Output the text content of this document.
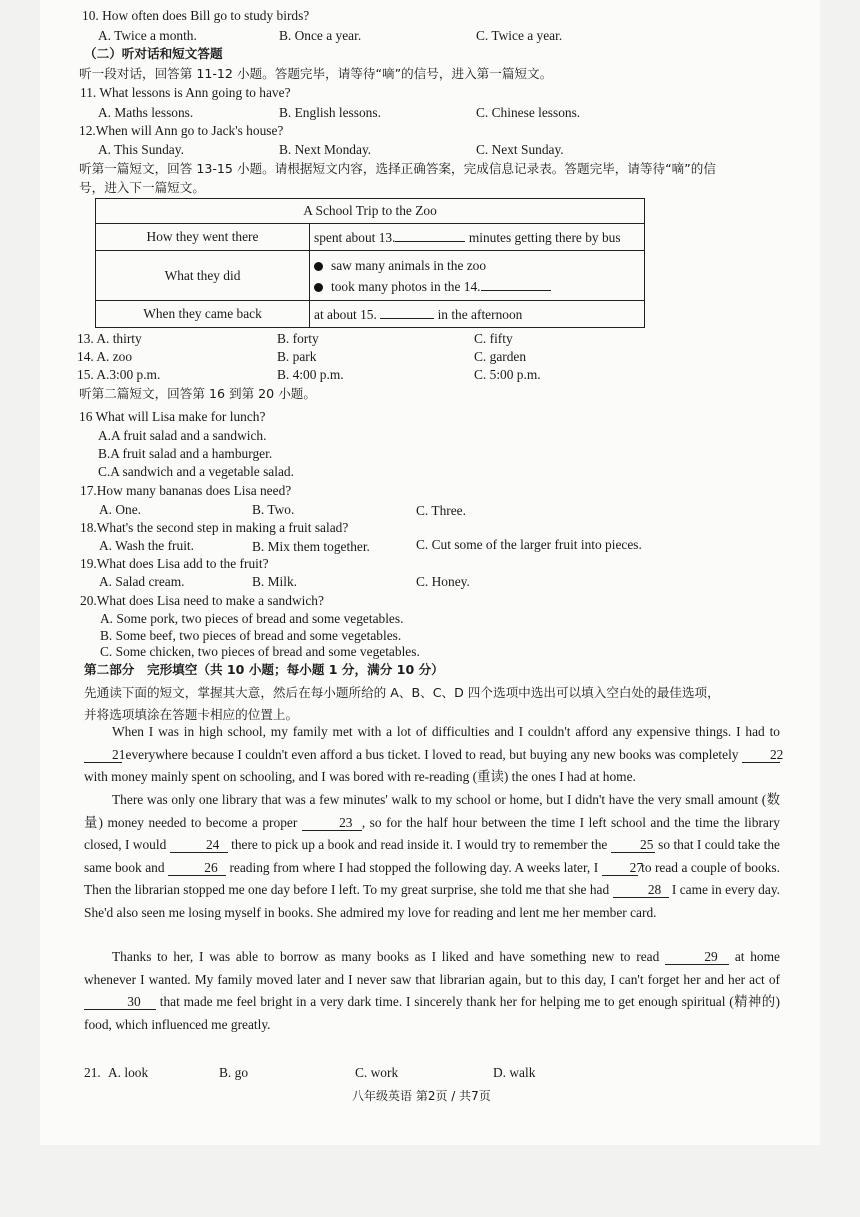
10. How often does Bill go to study birds?
A. Twice a month.	B. Once a year.	C. Twice a year.
（二）听对话和短文答题
听一段对话，回答第 11-12 小题。答题完毕，请等待“嘀”的信号，进入第一篇短文。
11. What lessons is Ann going to have?
A. Maths lessons.	B. English lessons.	C. Chinese lessons.
12.When will Ann go to Jack's house?
A. This Sunday.	B. Next Monday.	C. Next Sunday.
听第一篇短文，回答 13-15 小题。请根据短文内容，选择正确答案，完成信息记录表。答题完毕，请等待“嘀”的信
号，进入下一篇短文。
A School Trip to the Zoo	
How they went there	spent about 13. minutes getting there by bus
What they did	saw many animals in the zoo
took many photos in the 14.

When they came back	at about 15. in the afternoon
13. A. thirty	B. forty	C. fifty
14. A. zoo	B. park	C. garden
15. A.3:00 p.m.	B. 4:00 p.m.	C. 5:00 p.m.
听第二篇短文，回答第 16 到第 20 小题。
16 What will Lisa make for lunch?
A.A fruit salad and a sandwich.
B.A fruit salad and a hamburger.
C.A sandwich and a vegetable salad.
17.How many bananas does Lisa need?
A. One.	B. Two.	C. Three.
18.What's the second step in making a fruit salad?
A. Wash the fruit.	B. Mix them together.	C. Cut some of the larger fruit into pieces.
19.What does Lisa add to the fruit?
A. Salad cream.	B. Milk.	C. Honey.
20.What does Lisa need to make a sandwich?
A. Some pork, two pieces of bread and some vegetables.
B. Some beef, two pieces of bread and some vegetables.
C. Some chicken, two pieces of bread and some vegetables.
第二部分　完形填空（共 10 小题；每小题 1 分，满分 10 分）
先通读下面的短文，掌握其大意，然后在每小题所给的 A、B、C、D 四个选项中选出可以填入空白处的最佳选项，
并将选项填涂在答题卡相应的位置上。
When I was in high school, my family met with a lot of difficulties and I couldn't afford any expensive things. I had to 21 everywhere because I couldn't even afford a bus ticket. I loved to read, but buying any new books was completely 22 with money mainly spent on schooling, and I was bored with re-reading (重读) the ones I had at home.
There was only one library that was a few minutes' walk to my school or home, but I didn't have the very small amount (数量) money needed to become a proper	23 , so for the half hour between the time I left school and the time the library closed, I would	24 there to pick up a book and read inside it. I would try to remember the 25 so that I could take the same book and	26 reading from where I had stopped the following day. A weeks later, I 27 to read a couple of books. Then the librarian stopped me one day before I left. To my great surprise, she told me that she had	28 I came in every day. She'd also seen me losing myself in books. She admired my love for reading and lent me her member card.
Thanks to her, I was able to borrow as many books as I liked and have something new to read	29 at home whenever I wanted. My family moved later and I never saw that librarian again, but to this day, I can't forget her and her act of 30 that made me feel bright in a very dark time. I sincerely thank her for helping me to get enough spiritual (精神的) food, which influenced me greatly.
21. A. look	B. go	C. work	D. walk
八年级英语 第2页 / 共7页
